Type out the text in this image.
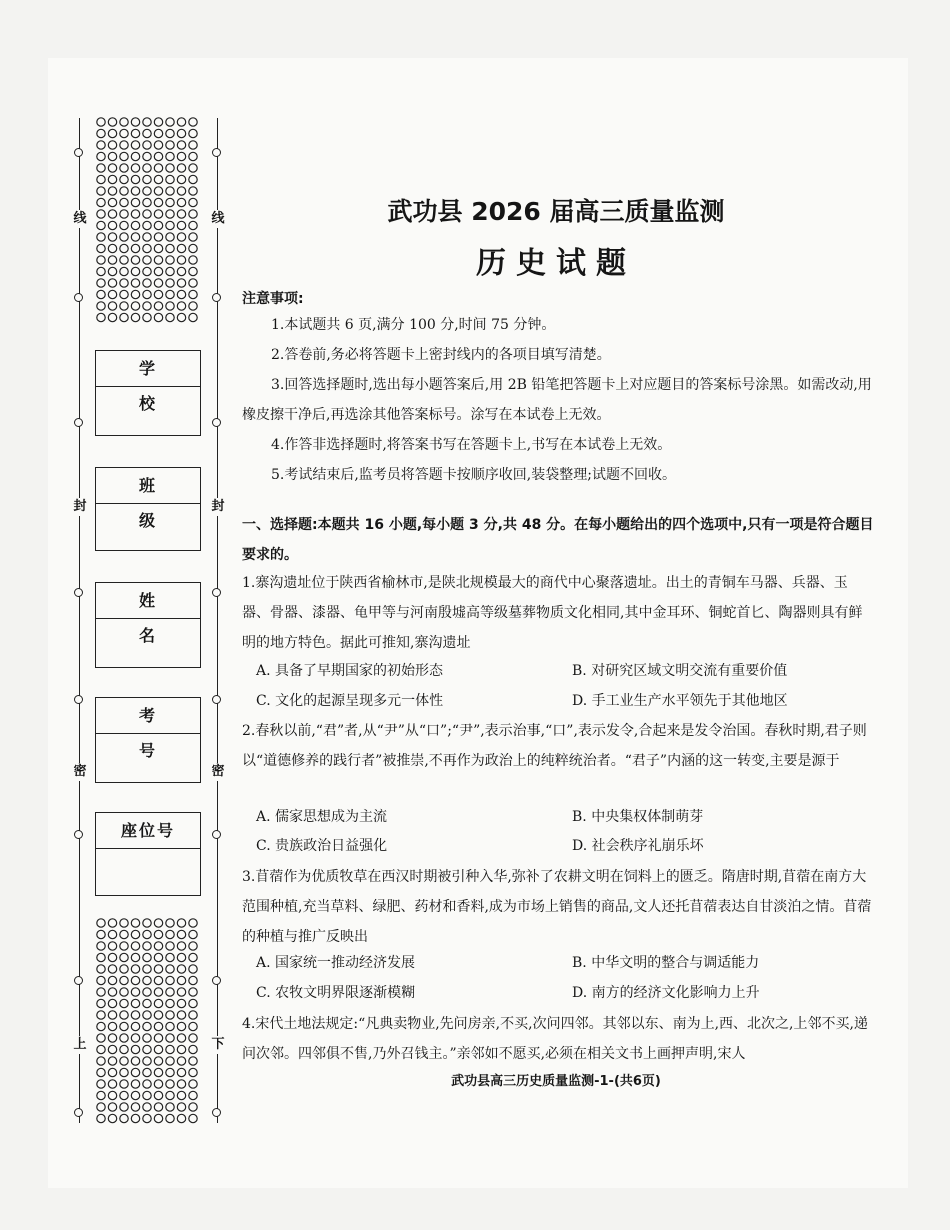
线
封
密
上
线
封
密
下
学 校
班 级
姓 名
考 号
座位号
武功县 2026 届高三质量监测
历史试题
注意事项:
1.本试题共 6 页,满分 100 分,时间 75 分钟。
2.答卷前,务必将答题卡上密封线内的各项目填写清楚。
3.回答选择题时,选出每小题答案后,用 2B 铅笔把答题卡上对应题目的答案标号涂黑。如需改动,用橡皮擦干净后,再选涂其他答案标号。涂写在本试卷上无效。
4.作答非选择题时,将答案书写在答题卡上,书写在本试卷上无效。
5.考试结束后,监考员将答题卡按顺序收回,装袋整理;试题不回收。
一、选择题:本题共 16 小题,每小题 3 分,共 48 分。在每小题给出的四个选项中,只有一项是符合题目要求的。
1.寨沟遗址位于陕西省榆林市,是陕北规模最大的商代中心聚落遗址。出土的青铜车马器、兵器、玉器、骨器、漆器、龟甲等与河南殷墟高等级墓葬物质文化相同,其中金耳环、铜蛇首匕、陶器则具有鲜明的地方特色。据此可推知,寨沟遗址
A. 具备了早期国家的初始形态	B. 对研究区域文明交流有重要价值
C. 文化的起源呈现多元一体性	D. 手工业生产水平领先于其他地区
2.春秋以前,“君”者,从“尹”从“口”;“尹”,表示治事,“口”,表示发令,合起来是发令治国。春秋时期,君子则以“道德修养的践行者”被推崇,不再作为政治上的纯粹统治者。“君子”内涵的这一转变,主要是源于
A. 儒家思想成为主流	B. 中央集权体制萌芽
C. 贵族政治日益强化	D. 社会秩序礼崩乐坏
3.苜蓿作为优质牧草在西汉时期被引种入华,弥补了农耕文明在饲料上的匮乏。隋唐时期,苜蓿在南方大范围种植,充当草料、绿肥、药材和香料,成为市场上销售的商品,文人还托苜蓿表达自甘淡泊之情。苜蓿的种植与推广反映出
A. 国家统一推动经济发展	B. 中华文明的整合与调适能力
C. 农牧文明界限逐渐模糊	D. 南方的经济文化影响力上升
4.宋代土地法规定:“凡典卖物业,先问房亲,不买,次问四邻。其邻以东、南为上,西、北次之,上邻不买,递问次邻。四邻俱不售,乃外召钱主。”亲邻如不愿买,必须在相关文书上画押声明,宋人
武功县高三历史质量监测-1-(共6页)
